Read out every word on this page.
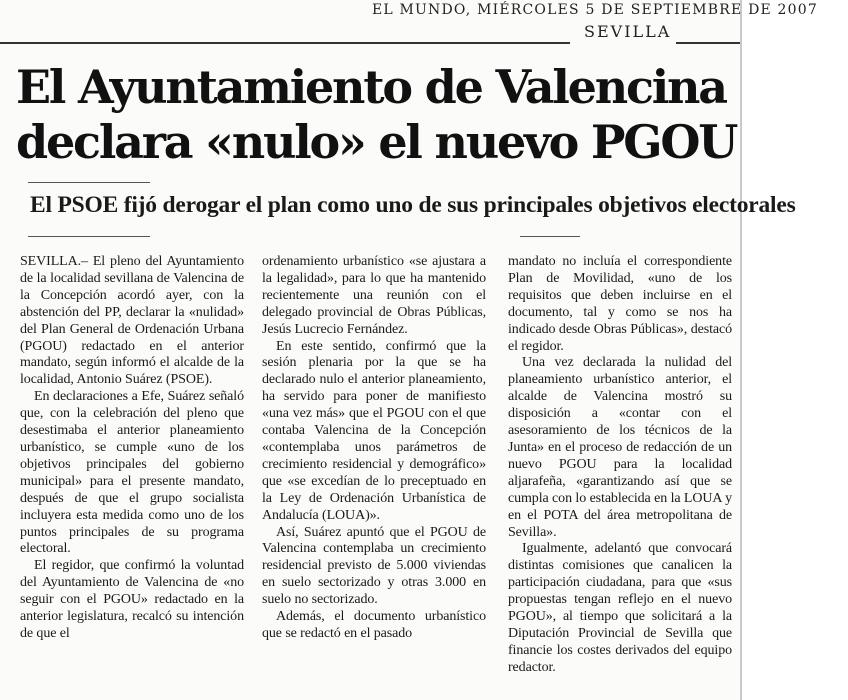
EL MUNDO, MIÉRCOLES 5 DE SEPTIEMBRE DE 2007
SEVILLA
El Ayuntamiento de Valencina
declara «nulo» el nuevo PGOU
El PSOE fijó derogar el plan como uno de sus principales objetivos electorales

SEVILLA.– El pleno del Ayuntamiento de la localidad sevillana de Valencina de la Concepción acordó ayer, con la abstención del PP, declarar la «nulidad» del Plan General de Ordenación Urbana (PGOU) redactado en el anterior mandato, según informó el alcalde de la localidad, Antonio Suárez (PSOE).

En declaraciones a Efe, Suárez señaló que, con la celebración del pleno que desestimaba el anterior planeamiento urbanístico, se cumple «uno de los objetivos principales del gobierno municipal» para el presente mandato, después de que el grupo socialista incluyera esta medida como uno de los puntos principales de su programa electoral.

El regidor, que confirmó la voluntad del Ayuntamiento de Valencina de «no seguir con el PGOU» redactado en la anterior legislatura, recalcó su intención de que el

ordenamiento urbanístico «se ajustara a la legalidad», para lo que ha mantenido recientemente una reunión con el delegado provincial de Obras Públicas, Jesús Lucrecio Fernández.

En este sentido, confirmó que la sesión plenaria por la que se ha declarado nulo el anterior planeamiento, ha servido para poner de manifiesto «una vez más» que el PGOU con el que contaba Valencina de la Concepción «contemplaba unos parámetros de crecimiento residencial y demográfico» que «se excedían de lo preceptuado en la Ley de Ordenación Urbanística de Andalucía (LOUA)».

Así, Suárez apuntó que el PGOU de Valencina contemplaba un crecimiento residencial previsto de 5.000 viviendas en suelo sectorizado y otras 3.000 en suelo no sectorizado.

Además, el documento urbanístico que se redactó en el pasado

mandato no incluía el correspondiente Plan de Movilidad, «uno de los requisitos que deben incluirse en el documento, tal y como se nos ha indicado desde Obras Públicas», destacó el regidor.

Una vez declarada la nulidad del planeamiento urbanístico anterior, el alcalde de Valencina mostró su disposición a «contar con el asesoramiento de los técnicos de la Junta» en el proceso de redacción de un nuevo PGOU para la localidad aljarafeña, «garantizando así que se cumpla con lo establecida en la LOUA y en el POTA del área metropolitana de Sevilla».

Igualmente, adelantó que convocará distintas comisiones que canalicen la participación ciudadana, para que «sus propuestas tengan reflejo en el nuevo PGOU», al tiempo que solicitará a la Diputación Provincial de Sevilla que financie los costes derivados del equipo redactor.
